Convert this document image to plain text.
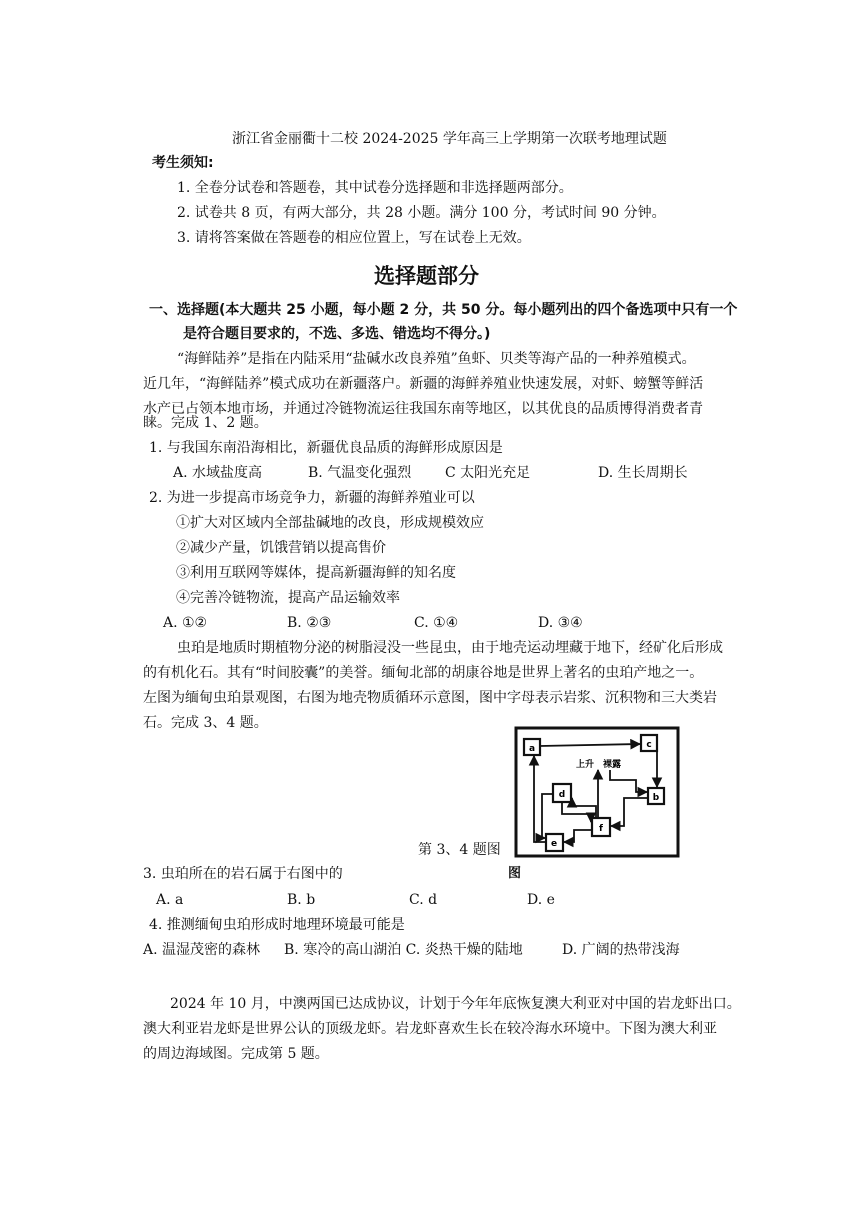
浙江省金丽衢十二校 2024-2025 学年高三上学期第一次联考地理试题
考生须知:
1. 全卷分试卷和答题卷，其中试卷分选择题和非选择题两部分。
2. 试卷共 8 页，有两大部分，共 28 小题。满分 100 分，考试时间 90 分钟。
3. 请将答案做在答题卷的相应位置上，写在试卷上无效。
选择题部分
一、选择题(本大题共 25 小题，每小题 2 分，共 50 分。每小题列出的四个备选项中只有一个
是符合题目要求的，不选、多选、错选均不得分。)
“海鲜陆养”是指在内陆采用“盐碱水改良养殖”鱼虾、贝类等海产品的一种养殖模式。
近几年，“海鲜陆养”模式成功在新疆落户。新疆的海鲜养殖业快速发展，对虾、螃蟹等鲜活
水产已占领本地市场，并通过冷链物流运往我国东南等地区，以其优良的品质博得消费者青
睐。完成 1、2 题。
1. 与我国东南沿海相比，新疆优良品质的海鲜形成原因是
A. 水域盐度高	B. 气温变化强烈 C 太阳光充足	D. 生长周期长
2. 为进一步提高市场竞争力，新疆的海鲜养殖业可以
①扩大对区域内全部盐碱地的改良，形成规模效应
②减少产量，饥饿营销以提高售价
③利用互联网等媒体，提高新疆海鲜的知名度
④完善冷链物流，提高产品运输效率
A. ①②	B. ②③	C. ①④	D. ③④
虫珀是地质时期植物分泌的树脂浸没一些昆虫，由于地壳运动埋藏于地下，经矿化后形成
的有机化石。其有“时间胶囊”的美誉。缅甸北部的胡康谷地是世界上著名的虫珀产地之一。
左图为缅甸虫珀景观图，右图为地壳物质循环示意图，图中字母表示岩浆、沉积物和三大类岩
石。完成 3、4 题。
a	c
d	b
f
e
上升 裸露
第 3、4 题图
图
3. 虫珀所在的岩石属于右图中的
A. a	B. b	C. d	D. e
4. 推测缅甸虫珀形成时地理环境最可能是
A. 温湿茂密的森林 B. 寒冷的高山湖泊 C. 炎热干燥的陆地	D. 广阔的热带浅海
2024 年 10 月，中澳两国已达成协议，计划于今年年底恢复澳大利亚对中国的岩龙虾出口。
澳大利亚岩龙虾是世界公认的顶级龙虾。岩龙虾喜欢生长在较冷海水环境中。下图为澳大利亚
的周边海域图。完成第 5 题。
